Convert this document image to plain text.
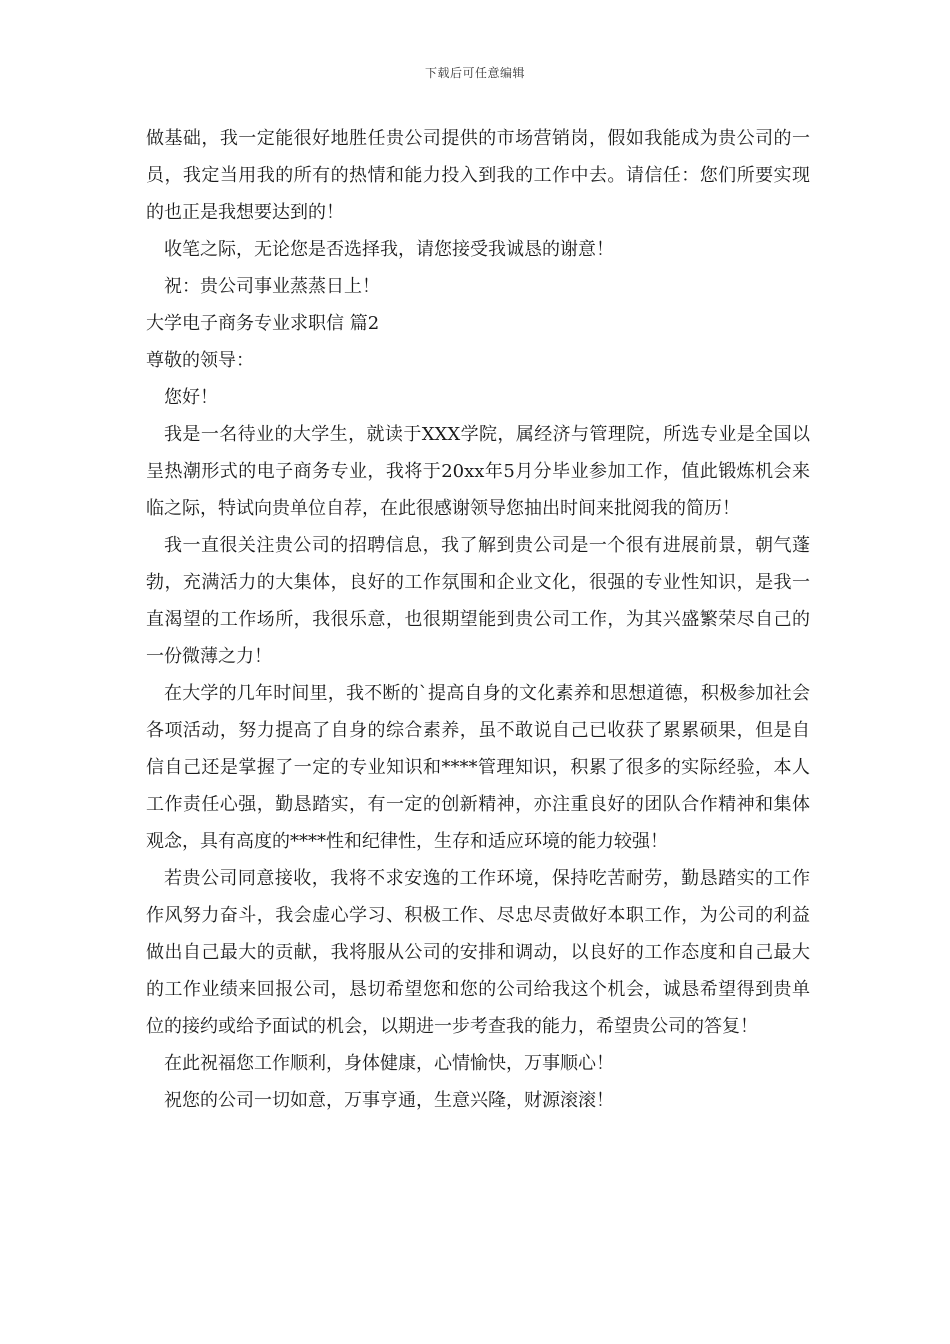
下载后可任意编辑

做基础，我一定能很好地胜任贵公司提供的市场营销岗，假如我能成为贵公司的一员，我定当用我的所有的热情和能力投入到我的工作中去。请信任：您们所要实现的也正是我想要达到的！

收笔之际，无论您是否选择我，请您接受我诚恳的谢意！

祝：贵公司事业蒸蒸日上！

大学电子商务专业求职信 篇2

尊敬的领导：

您好！

我是一名待业的大学生，就读于XXX学院，属经济与管理院，所选专业是全国以呈热潮形式的电子商务专业，我将于20xx年5月分毕业参加工作，值此锻炼机会来临之际，特试向贵单位自荐，在此很感谢领导您抽出时间来批阅我的简历！

我一直很关注贵公司的招聘信息，我了解到贵公司是一个很有进展前景，朝气蓬勃，充满活力的大集体，良好的工作氛围和企业文化，很强的专业性知识，是我一直渴望的工作场所，我很乐意，也很期望能到贵公司工作，为其兴盛繁荣尽自己的一份微薄之力！

在大学的几年时间里，我不断的`提高自身的文化素养和思想道德，积极参加社会各项活动，努力提高了自身的综合素养，虽不敢说自己已收获了累累硕果，但是自信自己还是掌握了一定的专业知识和****管理知识，积累了很多的实际经验，本人工作责任心强，勤恳踏实，有一定的创新精神，亦注重良好的团队合作精神和集体观念，具有高度的****性和纪律性，生存和适应环境的能力较强！

若贵公司同意接收，我将不求安逸的工作环境，保持吃苦耐劳，勤恳踏实的工作作风努力奋斗，我会虚心学习、积极工作、尽忠尽责做好本职工作，为公司的利益做出自己最大的贡献，我将服从公司的安排和调动，以良好的工作态度和自己最大的工作业绩来回报公司，恳切希望您和您的公司给我这个机会，诚恳希望得到贵单位的接约或给予面试的机会，以期进一步考查我的能力，希望贵公司的答复！

在此祝福您工作顺利，身体健康，心情愉快，万事顺心！

祝您的公司一切如意，万事亨通，生意兴隆，财源滚滚！
